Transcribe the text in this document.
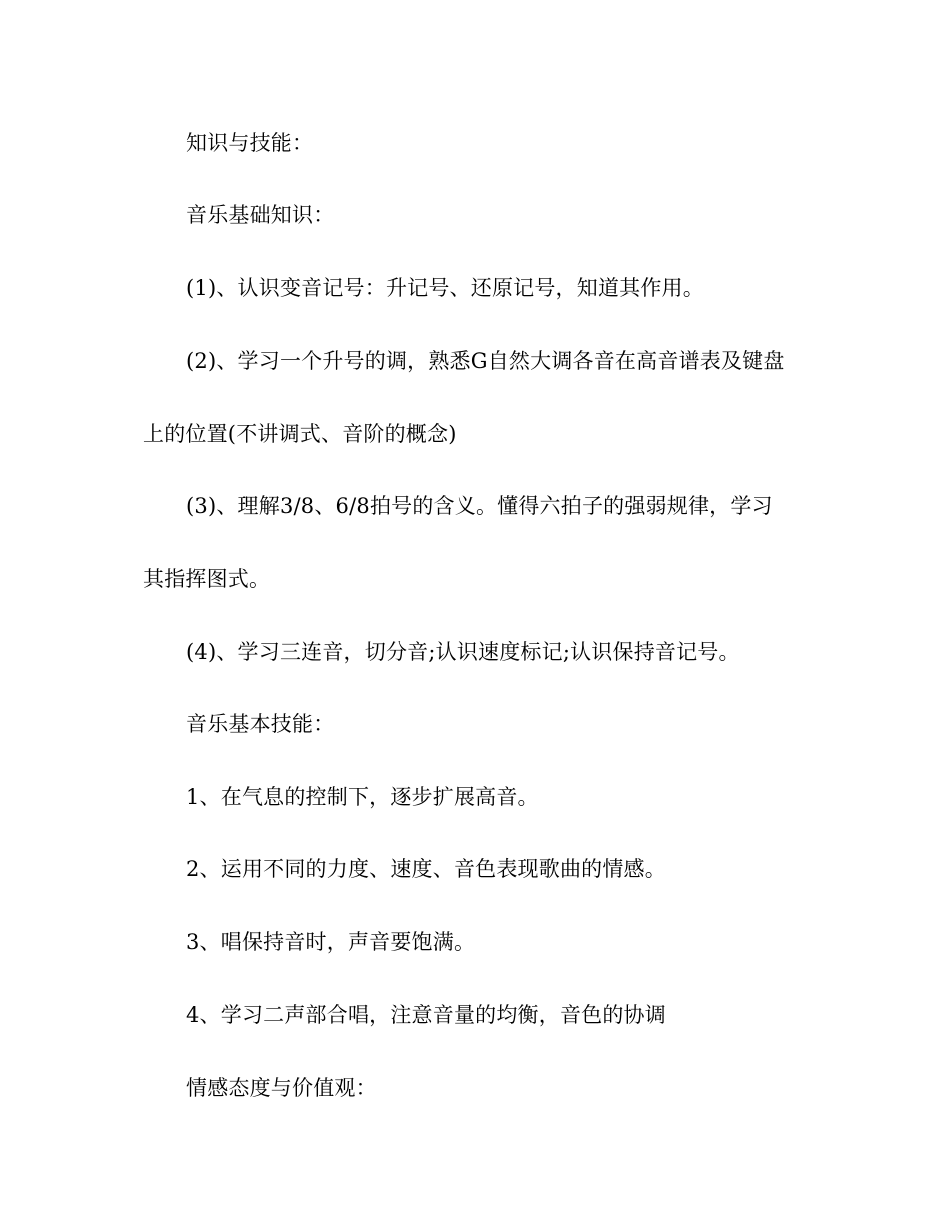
知识与技能：
音乐基础知识：
(1)、认识变音记号：升记号、还原记号，知道其作用。
(2)、学习一个升号的调，熟悉G自然大调各音在高音谱表及键盘
上的位置(不讲调式、音阶的概念)
(3)、理解3/8、6/8拍号的含义。懂得六拍子的强弱规律，学习
其指挥图式。
(4)、学习三连音，切分音;认识速度标记;认识保持音记号。
音乐基本技能：
1、在气息的控制下，逐步扩展高音。
2、运用不同的力度、速度、音色表现歌曲的情感。
3、唱保持音时，声音要饱满。
4、学习二声部合唱，注意音量的均衡，音色的协调
情感态度与价值观：
